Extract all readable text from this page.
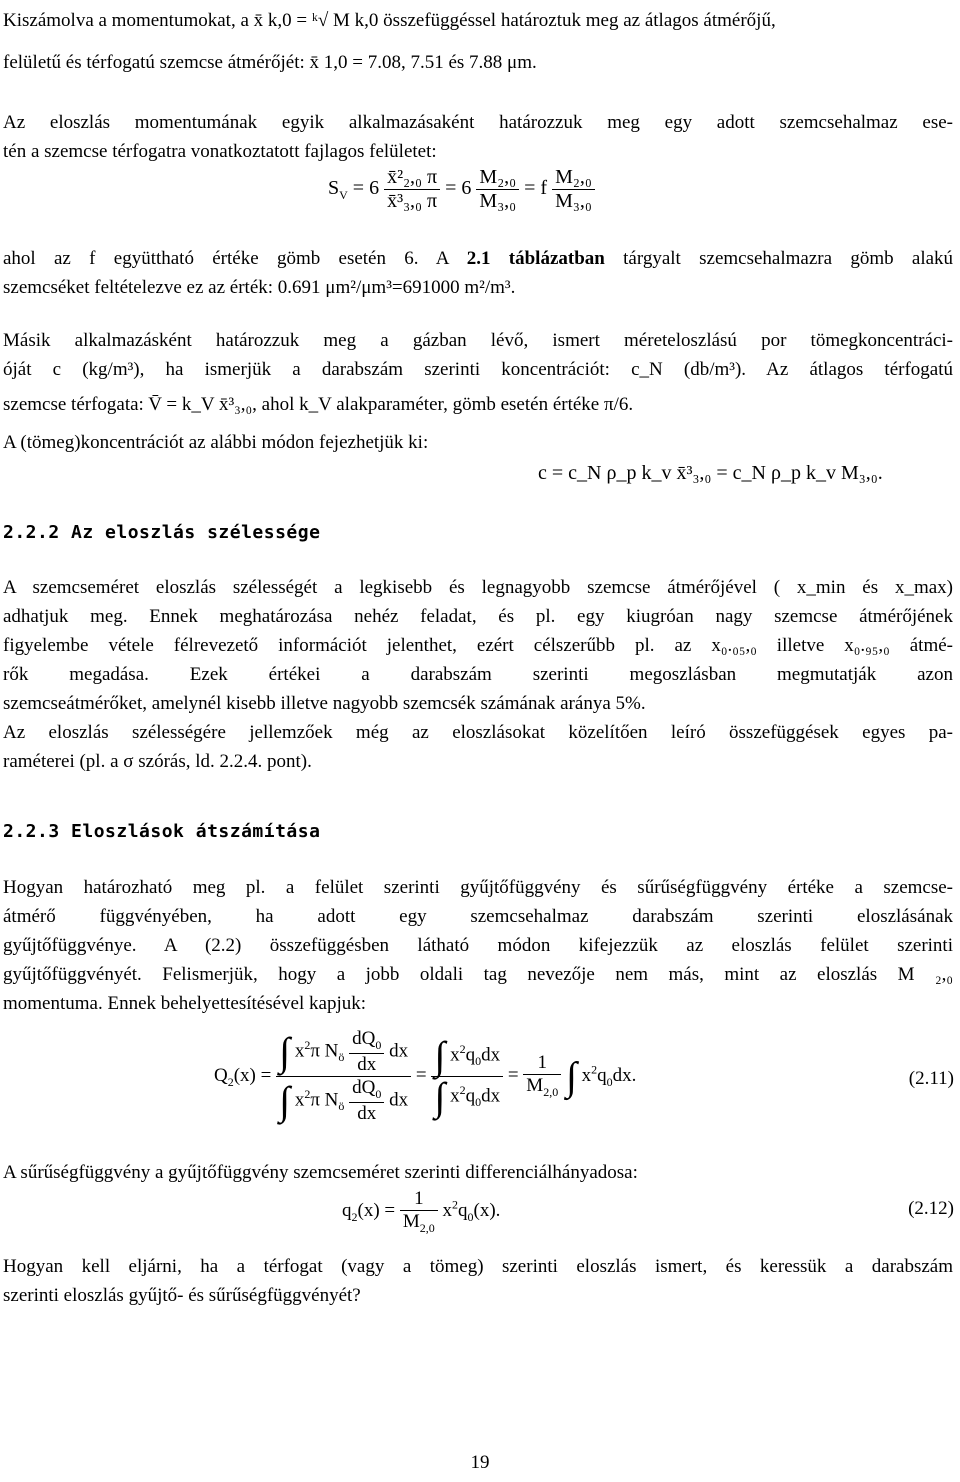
Kiszámolva a momentumokat, a x̄ k,0 = ᵏ√ M k,0 összefüggéssel határoztuk meg az átlagos átmérőjű,

felületű és térfogatú szemcse átmérőjét: x̄ 1,0 = 7.08, 7.51 és 7.88 μm.

Az eloszlás momentumának egyik alkalmazásaként határozzuk meg egy adott szemcsehalmaz ese-

tén a szemcse térfogatra vonatkoztatott fajlagos felületet:

$S_V = 6 \frac{\text{x̄²₂,₀ π}}{\text{x̄³₃,₀ π}} = 6 \frac{\text{M₂,₀}}{\text{M₃,₀}} = f \frac{\text{M₂,₀}}{\text{M₃,₀}}$

ahol az f együttható értéke gömb esetén 6. A 2.1 táblázatban tárgyalt szemcsehalmazra gömb alakú

szemcséket feltételezve ez az érték: 0.691 μm²/μm³=691000 m²/m³.

Másik alkalmazásként határozzuk meg a gázban lévő, ismert méreteloszlású por tömegkoncentráci-

óját c (kg/m³), ha ismerjük a darabszám szerinti koncentrációt: c_N (db/m³). Az átlagos térfogatú

szemcse térfogata: V̄ = k_V x̄³₃,₀, ahol k_V alakparaméter, gömb esetén értéke π/6.

A (tömeg)koncentrációt az alábbi módon fejezhetjük ki:

c = c_N ρ_p k_v x̄³₃,₀ = c_N ρ_p k_v M₃,₀.
2.2.2 Az eloszlás szélessége

A szemcseméret eloszlás szélességét a legkisebb és legnagyobb szemcse átmérőjével ( x_min és x_max)

adhatjuk meg. Ennek meghatározása nehéz feladat, és pl. egy kiugróan nagy szemcse átmérőjének

figyelembe vétele félrevezető információt jelenthet, ezért célszerűbb pl. az x₀.₀₅,₀ illetve x₀.₉₅,₀ átmé-

rők megadása. Ezek értékei a darabszám szerinti megoszlásban megmutatják azon

szemcseátmérőket, amelynél kisebb illetve nagyobb szemcsék számának aránya 5%.

Az eloszlás szélességére jellemzőek még az eloszlásokat közelítően leíró összefüggések egyes pa-

raméterei (pl. a σ szórás, ld. 2.2.4. pont).

2.2.3 Eloszlások átszámítása

Hogyan határozható meg pl. a felület szerinti gyűjtőfüggvény és sűrűségfüggvény értéke a szemcse-

átmérő függvényében, ha adott egy szemcsehalmaz darabszám szerinti eloszlásának

gyűjtőfüggvénye. A (2.2) összefüggésben látható módon kifejezzük az eloszlás felület szerinti

gyűjtőfüggvényét. Felismerjük, hogy a jobb oldali tag nevezője nem más, mint az eloszlás M ₂,₀

momentuma. Ennek behelyettesítésével kapjuk:

$Q_2(x) = \frac{\int x^2\pi N_ö \frac{dQ_0}{dx} dx}{\int x^2\pi N_ö \frac{dQ_0}{dx} dx} = \frac{\int x^2q_0dx}{\int x^2q_0dx} = \frac{1}{M_{2,0}}$ ∫ $x^2q_0dx$.	(2.11)

A sűrűségfüggvény a gyűjtőfüggvény szemcseméret szerinti differenciálhányadosa:

$q_2(x) = \frac{1}{M_{2,0}} x^2q_0(x)$.	(2.12)

Hogyan kell eljárni, ha a térfogat (vagy a tömeg) szerinti eloszlás ismert, és keressük a darabszám

szerinti eloszlás gyűjtő- és sűrűségfüggvényét?

19
